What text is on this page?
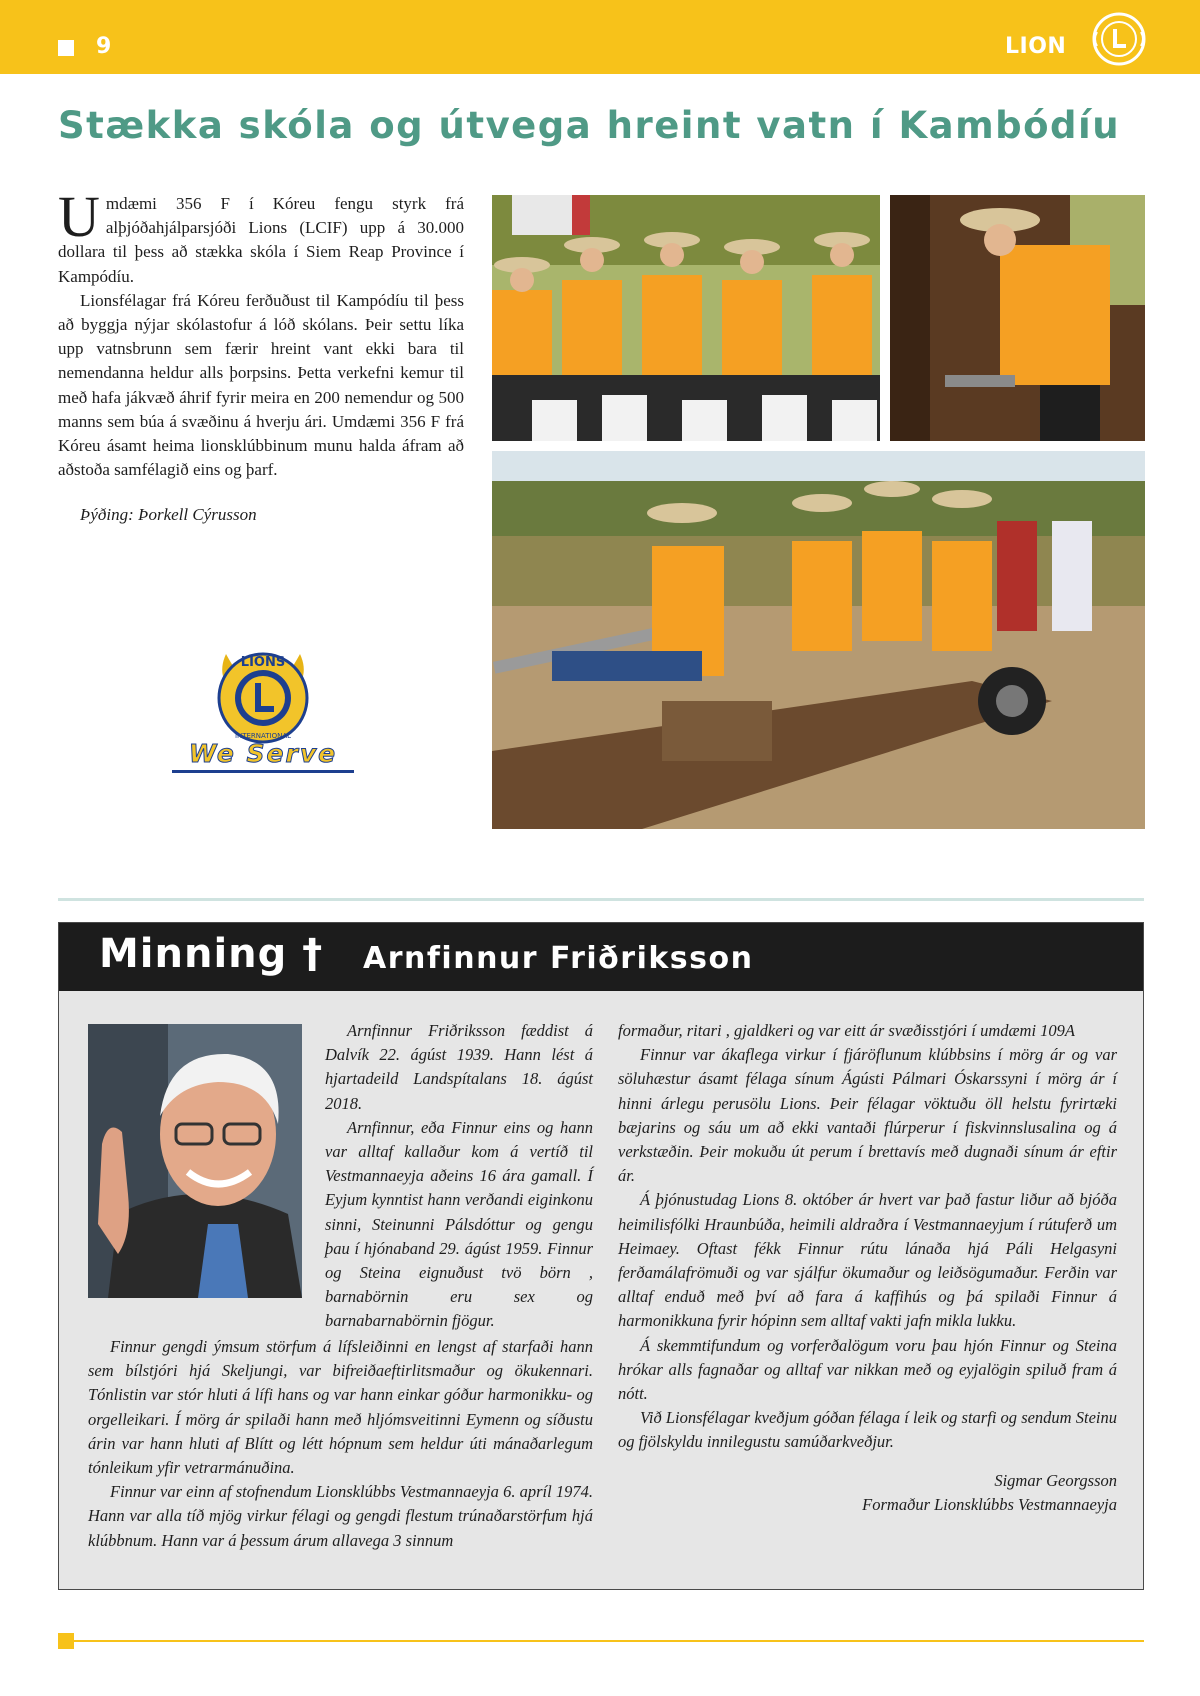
9	LION
Stækka skóla og útvega hreint vatn í Kambódíu

Umdæmi 356 F í Kóreu fengu styrk frá alþjóðahjálparsjóði Lions (LCIF) upp á 30.000 dollara til þess að stækka skóla í Siem Reap Province í Kampódíu.

Lionsfélagar frá Kóreu ferðuðust til Kampódíu til þess að byggja nýjar skólastofur á lóð skólans. Þeir settu líka upp vatnsbrunn sem færir hreint vant ekki bara til nemendanna heldur alls þorpsins. Þetta verkefni kemur til með hafa jákvæð áhrif fyrir meira en 200 nemendur og 500 manns sem búa á svæðinu á hverju ári. Umdæmi 356 F frá Kóreu ásamt heima lionsklúbbinum munu halda áfram að aðstoða samfélagið eins og þarf.

Þýðing: Þorkell Cýrusson
LIONS
INTERNATIONAL
We Serve
Minning † Arnfinnur Friðriksson

Arnfinnur Friðriksson fæddist á Dalvík 22. ágúst 1939. Hann lést á hjartadeild Landspítalans 18. ágúst 2018.

Arnfinnur, eða Finnur eins og hann var alltaf kallaður kom á vertíð til Vestmannaeyja aðeins 16 ára gamall. Í Eyjum kynntist hann verðandi eiginkonu sinni, Steinunni Pálsdóttur og gengu þau í hjónaband 29. ágúst 1959. Finnur og Steina eignuðust tvö börn , barnabörnin eru sex og barnabarnabörnin fjögur.

Finnur gengdi ýmsum störfum á lífsleiðinni en lengst af starfaði hann sem bílstjóri hjá Skeljungi, var bifreiðaeftirlitsmaður og ökukennari. Tónlistin var stór hluti á lífi hans og var hann einkar góður harmonikku- og orgelleikari. Í mörg ár spilaði hann með hljómsveitinni Eymenn og síðustu árin var hann hluti af Blítt og létt hópnum sem heldur úti mánaðarlegum tónleikum yfir vetrarmánuðina.

Finnur var einn af stofnendum Lionsklúbbs Vestmannaeyja 6. apríl 1974. Hann var alla tíð mjög virkur félagi og gengdi flestum trúnaðarstörfum hjá klúbbnum. Hann var á þessum árum allavega 3 sinnum

formaður, ritari , gjaldkeri og var eitt ár svæðisstjóri í umdæmi 109A

Finnur var ákaflega virkur í fjáröflunum klúbbsins í mörg ár og var söluhæstur ásamt félaga sínum Ágústi Pálmari Óskarssyni í mörg ár í hinni árlegu perusölu Lions. Þeir félagar vöktuðu öll helstu fyrirtæki bæjarins og sáu um að ekki vantaði flúrperur í fiskvinnslusalina og á verkstæðin. Þeir mokuðu út perum í brettavís með dugnaði sínum ár eftir ár.

Á þjónustudag Lions 8. október ár hvert var það fastur liður að bjóða heimilisfólki Hraunbúða, heimili aldraðra í Vestmannaeyjum í rútuferð um Heimaey. Oftast fékk Finnur rútu lánaða hjá Páli Helgasyni ferðamálafrömuði og var sjálfur ökumaður og leiðsögumaður. Ferðin var alltaf enduð með því að fara á kaffihús og þá spilaði Finnur á harmonikkuna fyrir hópinn sem alltaf vakti jafn mikla lukku.

Á skemmtifundum og vorferðalögum voru þau hjón Finnur og Steina hrókar alls fagnaðar og alltaf var nikkan með og eyjalögin spiluð fram á nótt.

Við Lionsfélagar kveðjum góðan félaga í leik og starfi og sendum Steinu og fjölskyldu innilegustu samúðarkveðjur.

Sigmar Georgsson

Formaður Lionsklúbbs Vestmannaeyja
